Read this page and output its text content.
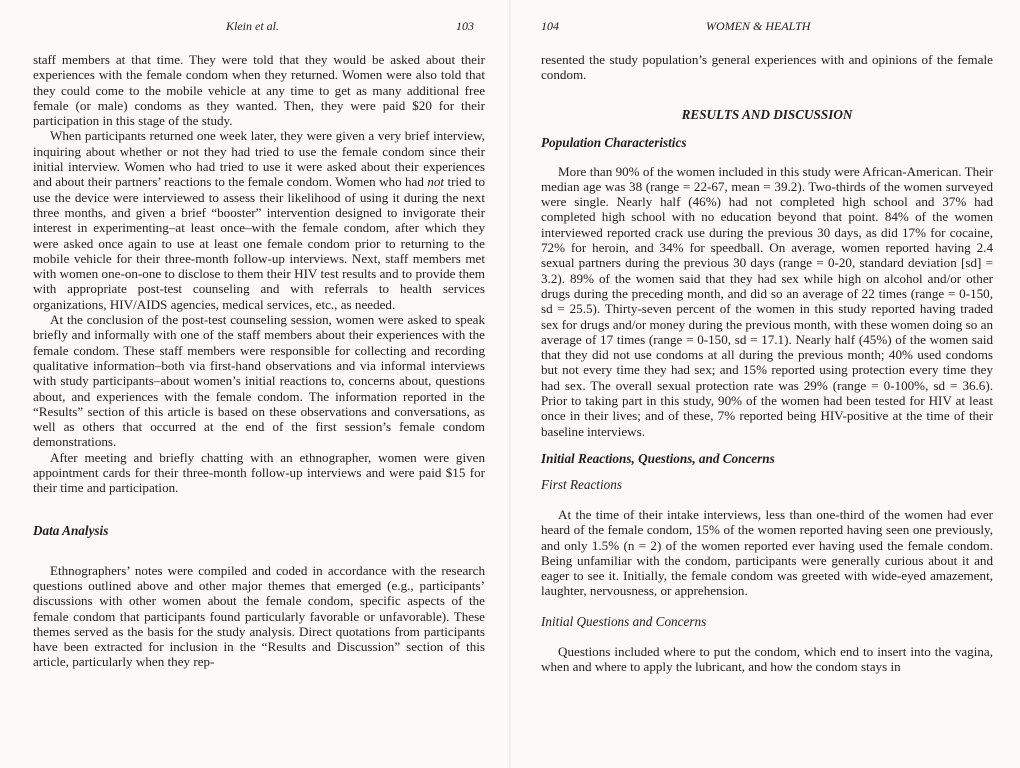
Klein et al.	103

staff members at that time. They were told that they would be asked about their experiences with the female condom when they returned. Women were also told that they could come to the mobile vehicle at any time to get as many additional free female (or male) condoms as they wanted. Then, they were paid $20 for their participation in this stage of the study.

When participants returned one week later, they were given a very brief interview, inquiring about whether or not they had tried to use the female condom since their initial interview. Women who had tried to use it were asked about their experiences and about their partners’ reactions to the female condom. Women who had not tried to use the device were interviewed to assess their likelihood of using it during the next three months, and given a brief “booster” intervention designed to invigorate their interest in experimenting–at least once–with the female condom, after which they were asked once again to use at least one female condom prior to returning to the mobile vehicle for their three-month follow-up interviews. Next, staff members met with women one-on-one to disclose to them their HIV test results and to provide them with appropriate post-test counseling and with referrals to health services organizations, HIV/AIDS agencies, medical services, etc., as needed.

At the conclusion of the post-test counseling session, women were asked to speak briefly and informally with one of the staff members about their experiences with the female condom. These staff members were responsible for collecting and recording qualitative information–both via first-hand observations and via informal interviews with study participants–about women’s initial reactions to, concerns about, questions about, and experiences with the female condom. The information reported in the “Results” section of this article is based on these observations and conversations, as well as others that occurred at the end of the first session’s female condom demonstrations.

After meeting and briefly chatting with an ethnographer, women were given appointment cards for their three-month follow-up interviews and were paid $15 for their time and participation.

Data Analysis

Ethnographers’ notes were compiled and coded in accordance with the research questions outlined above and other major themes that emerged (e.g., participants’ discussions with other women about the female condom, specific aspects of the female condom that participants found particularly favorable or unfavorable). These themes served as the basis for the study analysis. Direct quotations from participants have been extracted for inclusion in the “Results and Discussion” section of this article, particularly when they rep-

104	WOMEN & HEALTH

resented the study population’s general experiences with and opinions of the female condom.

RESULTS AND DISCUSSION
Population Characteristics

More than 90% of the women included in this study were African-American. Their median age was 38 (range = 22-67, mean = 39.2). Two-thirds of the women surveyed were single. Nearly half (46%) had not completed high school and 37% had completed high school with no education beyond that point. 84% of the women interviewed reported crack use during the previous 30 days, as did 17% for cocaine, 72% for heroin, and 34% for speedball. On average, women reported having 2.4 sexual partners during the previous 30 days (range = 0-20, standard deviation [sd] = 3.2). 89% of the women said that they had sex while high on alcohol and/or other drugs during the preceding month, and did so an average of 22 times (range = 0-150, sd = 25.5). Thirty-seven percent of the women in this study reported having traded sex for drugs and/or money during the previous month, with these women doing so an average of 17 times (range = 0-150, sd = 17.1). Nearly half (45%) of the women said that they did not use condoms at all during the previous month; 40% used condoms but not every time they had sex; and 15% reported using protection every time they had sex. The overall sexual protection rate was 29% (range = 0-100%, sd = 36.6). Prior to taking part in this study, 90% of the women had been tested for HIV at least once in their lives; and of these, 7% reported being HIV-positive at the time of their baseline interviews.

Initial Reactions, Questions, and Concerns
First Reactions

At the time of their intake interviews, less than one-third of the women had ever heard of the female condom, 15% of the women reported having seen one previously, and only 1.5% (n = 2) of the women reported ever having used the female condom. Being unfamiliar with the condom, participants were generally curious about it and eager to see it. Initially, the female condom was greeted with wide-eyed amazement, laughter, nervousness, or apprehension.

Initial Questions and Concerns

Questions included where to put the condom, which end to insert into the vagina, when and where to apply the lubricant, and how the condom stays in
